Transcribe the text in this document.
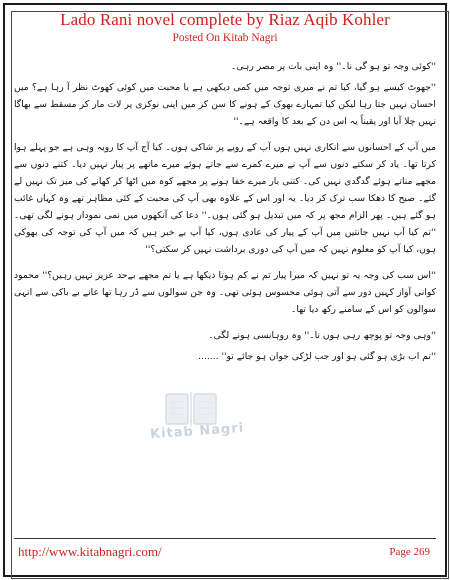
Lado Rani novel complete by Riaz Aqib Kohler
Posted On Kitab Nagri

''کوئی وجہ تو ہو گی نا۔'' وہ اپنی بات پر مصر رہی۔

''جھوٹ کیسے ہو گیا، کیا تم نے میری توجہ میں کمی دیکھی ہے یا محبت میں کوئی کھوٹ نظر آ رہا ہے؟ میں احسان نہیں جتا رہا لیکن کیا تمہارے بھوک کے ہونے کا سن کر میں اپنی نوکری پر لات مار کر مسقط سے بھاگا نہیں چلا آیا اور یقیناً یہ اس دن کے بعد کا واقعہ ہے۔''

میں آپ کے احسانوں سے انکاری نہیں ہوں آپ کے رویے پر شاکی ہوں۔ کیا آج آپ کا رویہ وہی ہے جو پہلے ہوا کرتا تھا۔ یاد کر سکتے دنوں سے آپ نے میرے کمرے سے جاتے ہوئے میرے ماتھے پر پیار نہیں دیا۔ کتنے دنوں سے مجھے مناتے ہوئے گدگدی نہیں کی۔ کتنی بار میرے خفا ہونے پر مجھے کوہ میں اٹھا کر کھانے کی میز تک نہیں لے گئے۔ صبح کا دھکا سب ترک کر دیا۔ یہ اور اس کے علاوہ بھی آپ کی محبت کے کئی مظاہر تھے وہ کہاں غائب ہو گئے ہیں۔ پھر الزام مجھ پر کہ میں تبدیل ہو گئی ہوں۔'' دعا کی آنکھوں میں نمی نمودار ہونے لگی تھی۔ ''تم کیا آپ نہیں جانتیں میں آپ کے پیار کی عادی ہوں، کیا آپ بے خبر ہیں کہ میں آپ کی توجہ کی بھوکی ہوں، کیا آپ کو معلوم نہیں کہ میں آپ کی دوری برداشت نہیں کر سکتی؟''

''اس سب کی وجہ یہ تو نہیں کہ میرا پیار تم نے کم ہوتا دیکھا ہے یا تم مجھے بےحد عزیز نہیں رہیں؟'' محمود کوانی آواز کہیں دور سے آتی ہوئی محسوس ہوئی تھی۔ وہ جن سوالوں سے ڈر رہا تھا عانے بے باکی سے انہی سوالوں کو اس کے سامنے رکھ دیا تھا۔

''وہی وجہ تو پوچھ رہی ہوں نا۔'' وہ روہانسی ہونے لگی۔

''تم اب بڑی ہو گئی ہو اور جب لڑکی جوان ہو جائے تو'' .......

Kitab Nagri
http://www.kitabnagri.com/	Page 269
